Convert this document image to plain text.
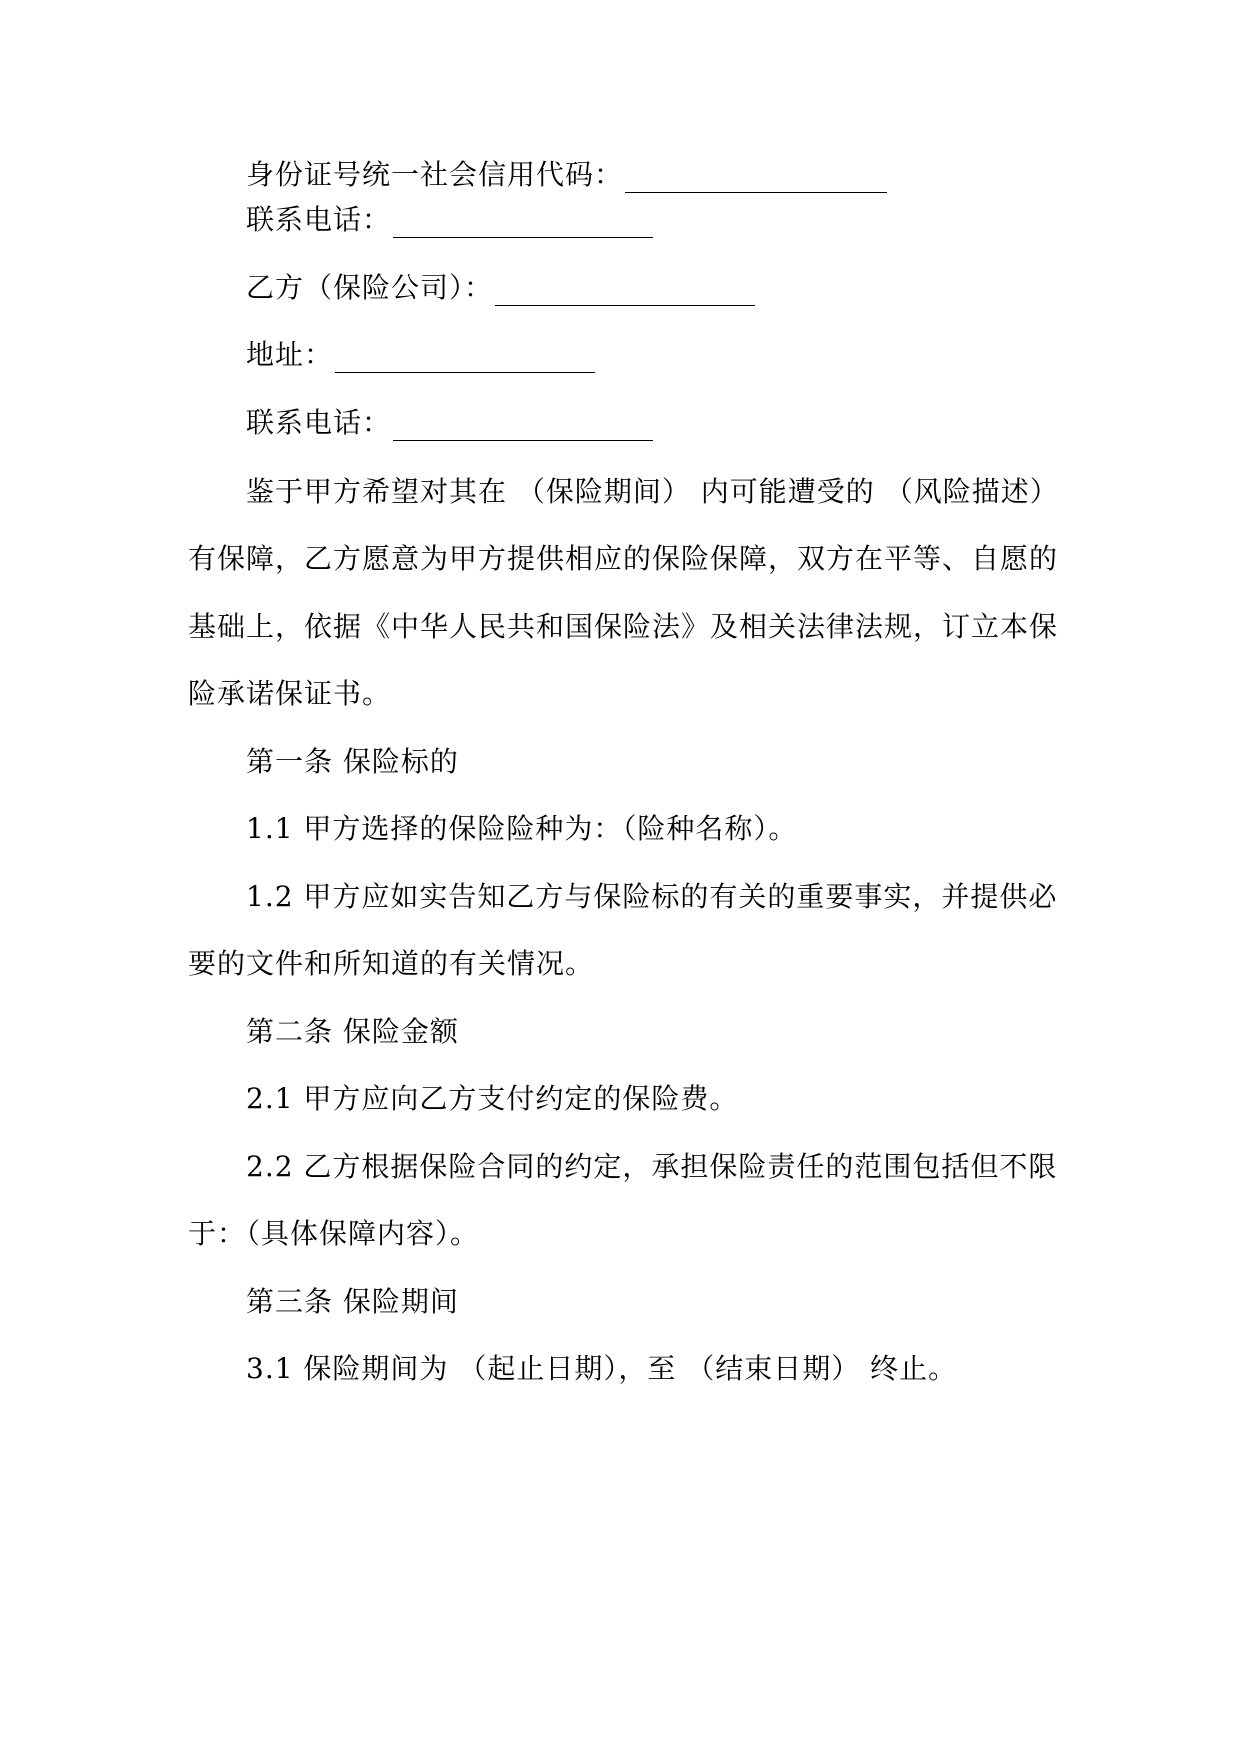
身份证号统一社会信用代码：
联系电话：
乙方（保险公司）：
地址：
联系电话：
鉴于甲方希望对其在 （保险期间） 内可能遭受的 （风险描述）
有保障，乙方愿意为甲方提供相应的保险保障，双方在平等、自愿的
基础上，依据《中华人民共和国保险法》及相关法律法规，订立本保
险承诺保证书。
第一条 保险标的
1.1 甲方选择的保险险种为：（险种名称）。
1.2 甲方应如实告知乙方与保险标的有关的重要事实，并提供必
要的文件和所知道的有关情况。
第二条 保险金额
2.1 甲方应向乙方支付约定的保险费。
2.2 乙方根据保险合同的约定，承担保险责任的范围包括但不限
于：（具体保障内容）。
第三条 保险期间
3.1 保险期间为 （起止日期），至 （结束日期） 终止。
